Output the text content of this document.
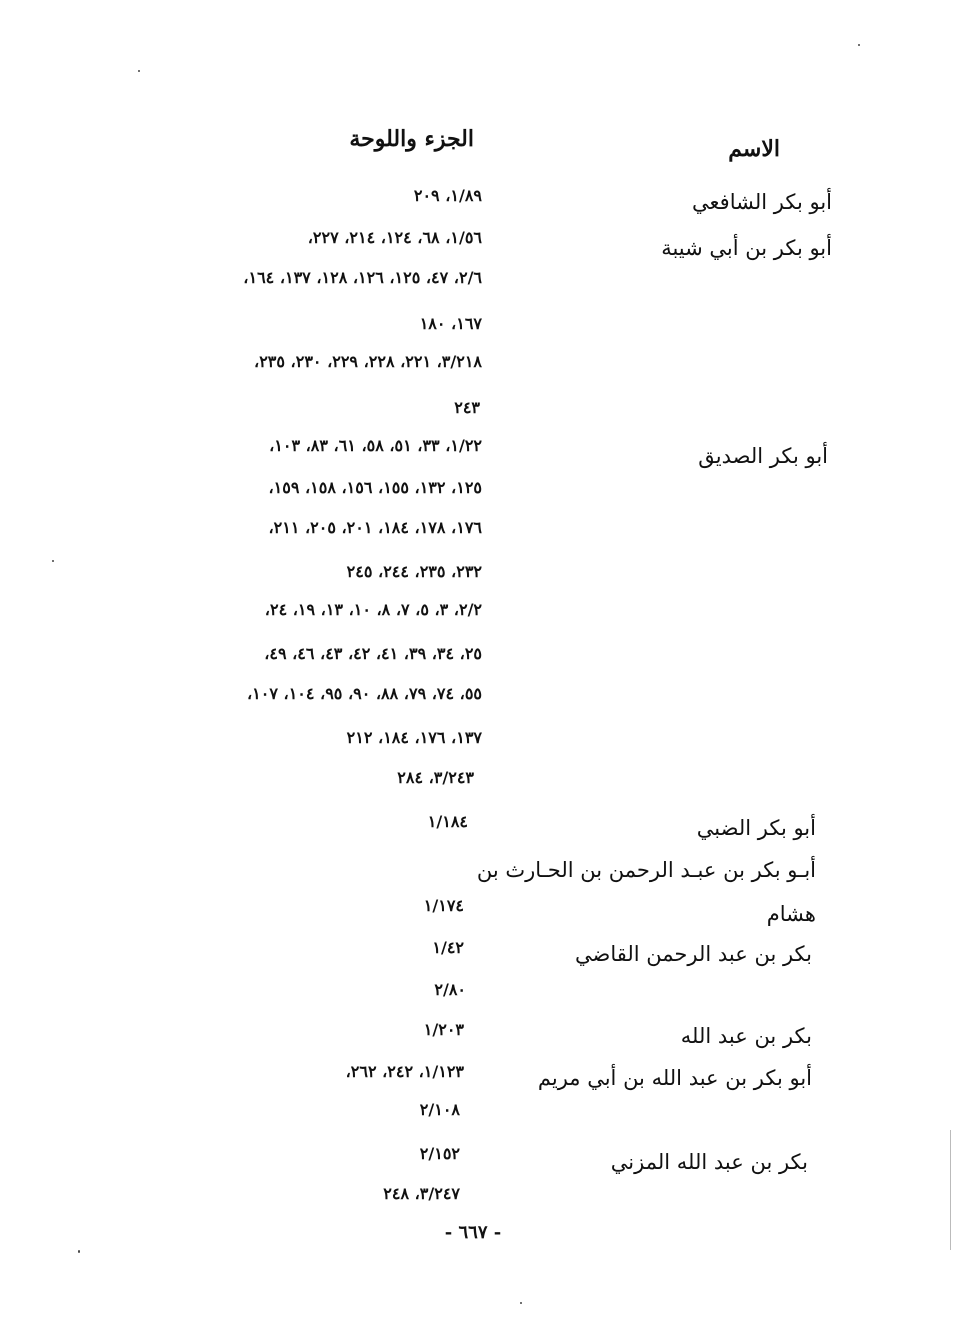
الاسم
الجزء واللوحة
أبو بكر الشافعي
أبو بكر بن أبي شيبة
أبو بكر الصديق
أبو بكر الضبي
أبـو بكر بن عبـد الرحمن بن الحـارث بن
هشام
بكر بن عبد الرحمن القاضي
بكر بن عبد الله
أبو بكر بن عبد الله بن أبي مريم
بكر بن عبد الله المزني
١/٨٩، ٢٠٩
١/٥٦، ٦٨، ١٢٤، ٢١٤، ٢٢٧،
٢/٦، ٤٧، ١٢٥، ١٢٦، ١٢٨، ١٣٧، ١٦٤،
١٦٧، ١٨٠
٣/٢١٨، ٢٢١، ٢٢٨، ٢٢٩، ٢٣٠، ٢٣٥،
٢٤٣
١/٢٢، ٣٣، ٥١، ٥٨، ٦١، ٨٣، ١٠٣،
١٢٥، ١٣٢، ١٥٥، ١٥٦، ١٥٨، ١٥٩،
١٧٦، ١٧٨، ١٨٤، ٢٠١، ٢٠٥، ٢١١،
٢٣٢، ٢٣٥، ٢٤٤، ٢٤٥
٢/٢، ٣، ٥، ٧، ٨، ١٠، ١٣، ١٩، ٢٤،
٢٥، ٣٤، ٣٩، ٤١، ٤٢، ٤٣، ٤٦، ٤٩،
٥٥، ٧٤، ٧٩، ٨٨، ٩٠، ٩٥، ١٠٤، ١٠٧،
١٣٧، ١٧٦، ١٨٤، ٢١٢
٣/٢٤٣، ٢٨٤
١/١٨٤
١/١٧٤
١/٤٢
٢/٨٠
١/٢٠٣
١/١٢٣، ٢٤٢، ٢٦٢،
٢/١٠٨
٢/١٥٢
٣/٢٤٧، ٢٤٨
- ٦٦٧ -
